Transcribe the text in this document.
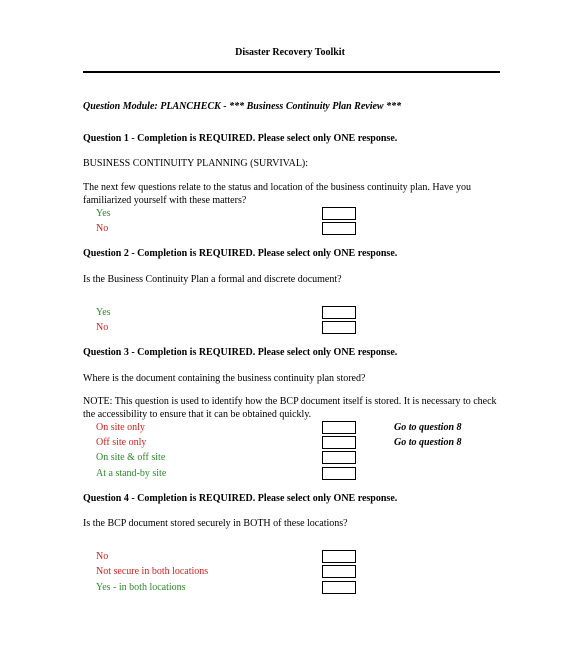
Disaster Recovery Toolkit
Question Module: PLANCHECK - *** Business Continuity Plan Review ***
Question 1 - Completion is REQUIRED. Please select only ONE response.
BUSINESS CONTINUITY PLANNING (SURVIVAL):
The next few questions relate to the status and location of the business continuity plan. Have you familiarized yourself with these matters?
Yes
No
Question 2 - Completion is REQUIRED. Please select only ONE response.
Is the Business Continuity Plan a formal and discrete document?
Yes
No
Question 3 - Completion is REQUIRED. Please select only ONE response.
Where is the document containing the business continuity plan stored?
NOTE: This question is used to identify how the BCP document itself is stored. It is necessary to check the accessibility to ensure that it can be obtained quickly.
On site only	Go to question 8
Off site only	Go to question 8
On site & off site
At a stand-by site
Question 4 - Completion is REQUIRED. Please select only ONE response.
Is the BCP document stored securely in BOTH of these locations?
No
Not secure in both locations
Yes - in both locations
